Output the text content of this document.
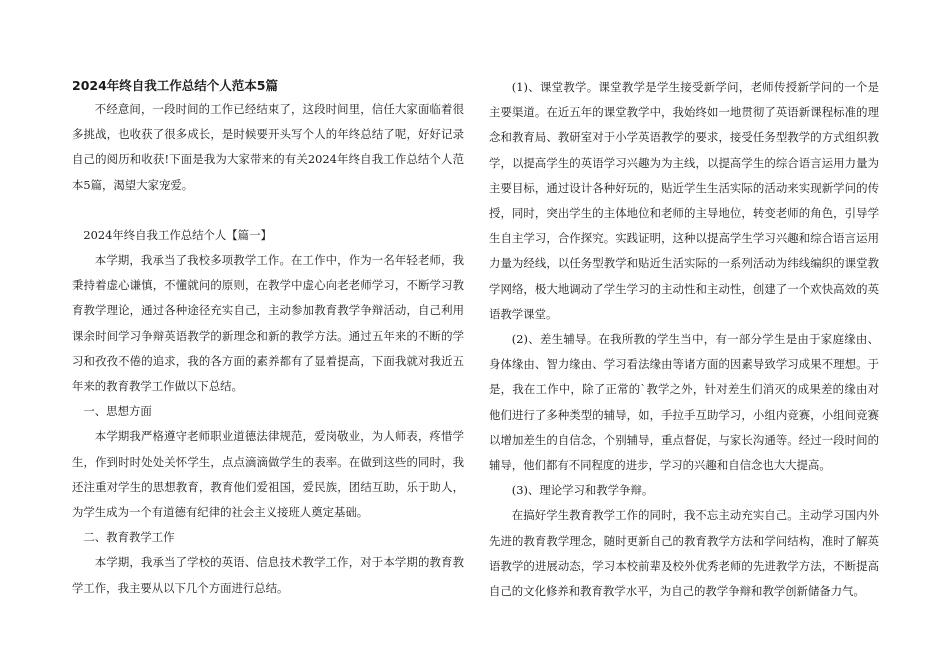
2024年终自我工作总结个人范本5篇

不经意间，一段时间的工作已经结束了，这段时间里，信任大家面临着很多挑战，也收获了很多成长，是时候要开头写个人的年终总结了呢，好好记录自己的阅历和收获!下面是我为大家带来的有关2024年终自我工作总结个人范本5篇，渴望大家宠爱。

2024年终自我工作总结个人【篇一】

本学期，我承当了我校多项教学工作。在工作中，作为一名年轻老师，我秉持着虚心谦慎，不懂就问的原则，在教学中虚心向老老师学习，不断学习教育教学理论，通过各种途径充实自己，主动参加教育教学争辩活动，自己利用课余时间学习争辩英语教学的新理念和新的教学方法。通过五年来的不断的学习和孜孜不倦的追求，我的各方面的素养都有了显着提高，下面我就对我近五年来的教育教学工作做以下总结。

一、思想方面

本学期我严格遵守老师职业道德法律规范，爱岗敬业，为人师表，疼惜学生，作到时时处处关怀学生，点点滴滴做学生的表率。在做到这些的同时，我还注重对学生的思想教育，教育他们爱祖国，爱民族，团结互助，乐于助人，为学生成为一个有道德有纪律的社会主义接班人奠定基础。

二、教育教学工作

本学期，我承当了学校的英语、信息技术教学工作，对于本学期的教育教学工作，我主要从以下几个方面进行总结。

(1)、课堂教学。课堂教学是学生接受新学问，老师传授新学问的一个是主要渠道。在近五年的课堂教学中，我始终如一地贯彻了英语新课程标准的理念和教育局、教研室对于小学英语教学的要求，接受任务型教学的方式组织教学，以提高学生的英语学习兴趣为为主线，以提高学生的综合语言运用力量为主要目标，通过设计各种好玩的，贴近学生生活实际的活动来实现新学问的传授，同时，突出学生的主体地位和老师的主导地位，转变老师的角色，引导学生自主学习，合作探究。实践证明，这种以提高学生学习兴趣和综合语言运用力量为经线，以任务型教学和贴近生活实际的一系列活动为纬线编织的课堂教学网络，极大地调动了学生学习的主动性和主动性，创建了一个欢快高效的英语教学课堂。

(2)、差生辅导。在我所教的学生当中，有一部分学生是由于家庭缘由、身体缘由、智力缘由、学习看法缘由等诸方面的因素导致学习成果不理想。于是，我在工作中，除了正常的`教学之外，针对差生们消灭的成果差的缘由对他们进行了多种类型的辅导，如，手拉手互助学习，小组内竞赛，小组间竞赛以增加差生的自信念，个别辅导，重点督促，与家长沟通等。经过一段时间的辅导，他们都有不同程度的进步，学习的兴趣和自信念也大大提高。

(3)、理论学习和教学争辩。

在搞好学生教育教学工作的同时，我不忘主动充实自己。主动学习国内外先进的教育教学理念，随时更新自己的教育教学方法和学问结构，准时了解英语教学的进展动态，学习本校前辈及校外优秀老师的先进教学方法，不断提高自己的文化修养和教育教学水平，为自己的教学争辩和教学创新储备力气。
